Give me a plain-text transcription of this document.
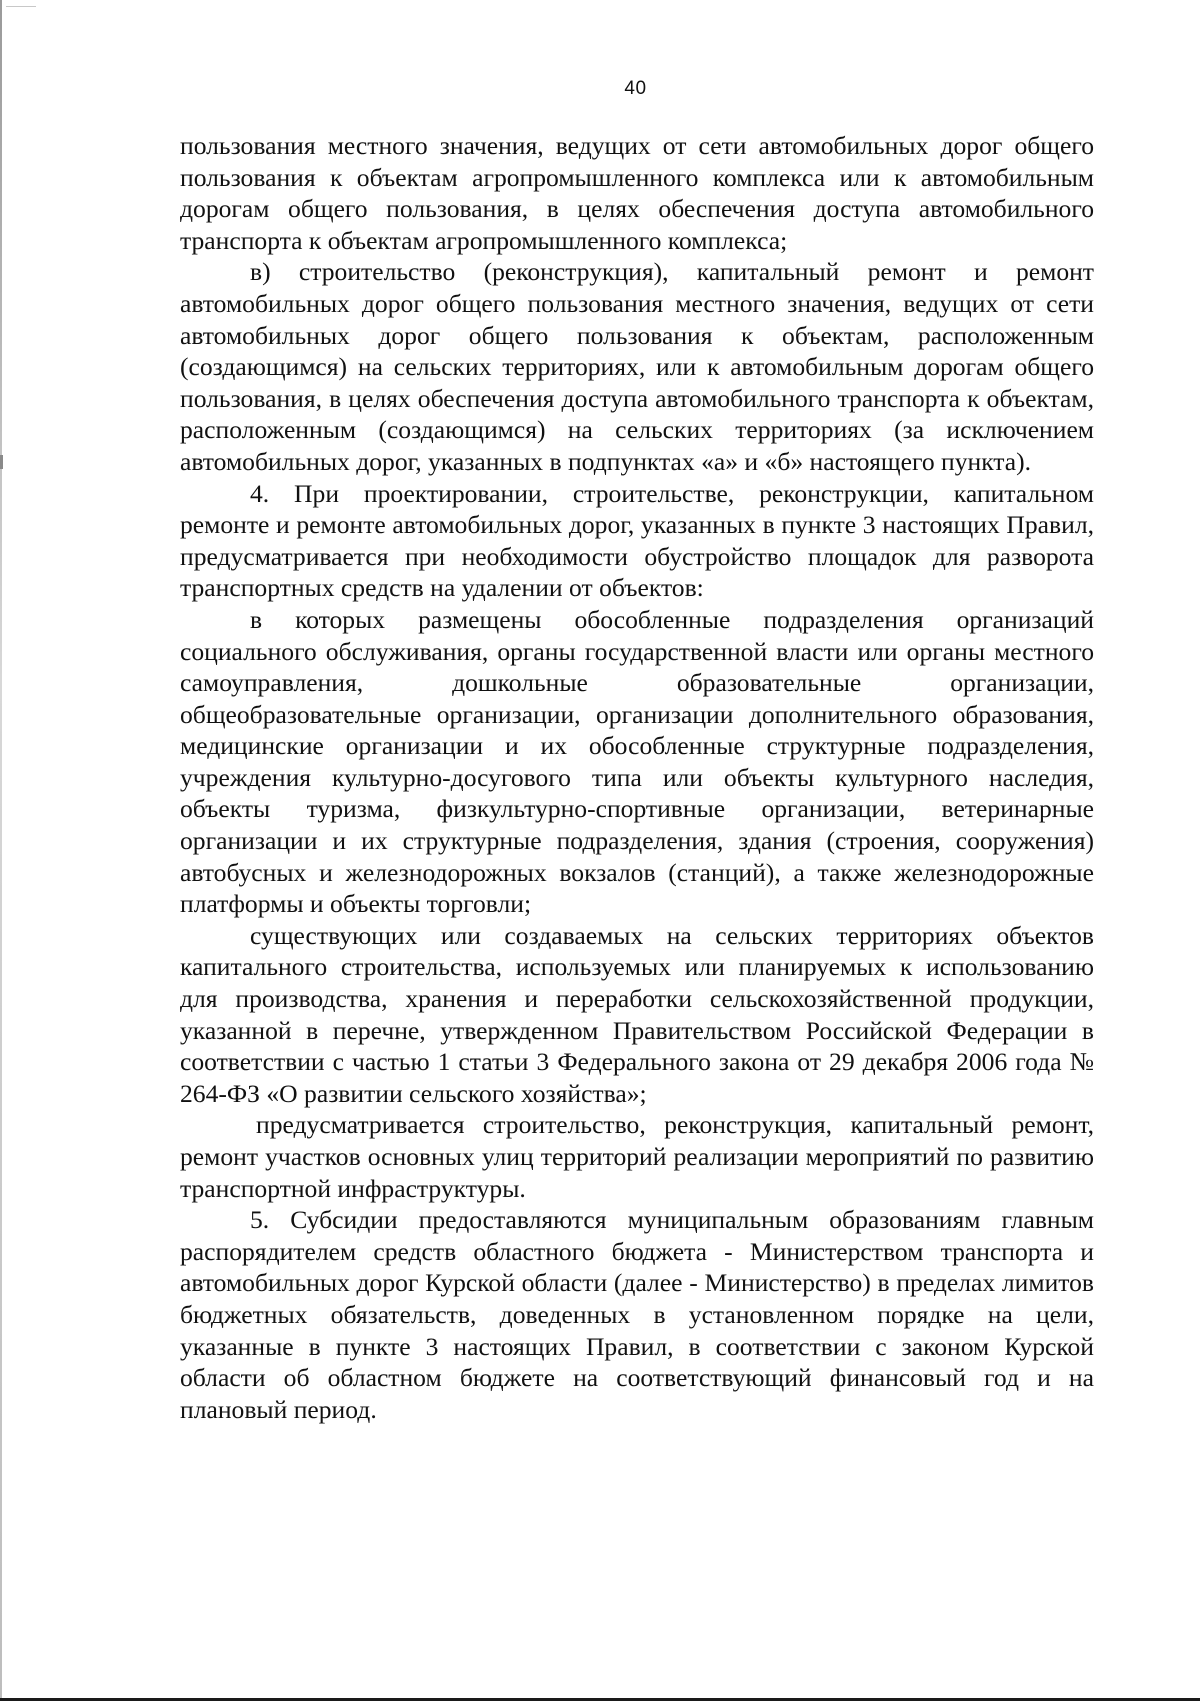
40

пользования местного значения, ведущих от сети автомобильных дорог общего пользования к объектам агропромышленного комплекса или к автомобильным дорогам общего пользования, в целях обеспечения доступа автомобильного транспорта к объектам агропромышленного комплекса;

в) строительство (реконструкция), капитальный ремонт и ремонт автомобильных дорог общего пользования местного значения, ведущих от сети автомобильных дорог общего пользования к объектам, расположенным (создающимся) на сельских территориях, или к автомобильным дорогам общего пользования, в целях обеспечения доступа автомобильного транспорта к объектам, расположенным (создающимся) на сельских территориях (за исключением автомобильных дорог, указанных в подпунктах «а» и «б» настоящего пункта).

4. При проектировании, строительстве, реконструкции, капитальном ремонте и ремонте автомобильных дорог, указанных в пункте 3 настоящих Правил, предусматривается при необходимости обустройство площадок для разворота транспортных средств на удалении от объектов:

в которых размещены обособленные подразделения организаций социального обслуживания, органы государственной власти или органы местного самоуправления, дошкольные образовательные организации, общеобразовательные организации, организации дополнительного образования, медицинские организации и их обособленные структурные подразделения, учреждения культурно-досугового типа или объекты культурного наследия, объекты туризма, физкультурно-спортивные организации, ветеринарные организации и их структурные подразделения, здания (строения, сооружения) автобусных и железнодорожных вокзалов (станций), а также железнодорожные платформы и объекты торговли;

существующих или создаваемых на сельских территориях объектов капитального строительства, используемых или планируемых к использованию для производства, хранения и переработки сельскохозяйственной продукции, указанной в перечне, утвержденном Правительством Российской Федерации в соответствии с частью 1 статьи 3 Федерального закона от 29 декабря 2006 года № 264-ФЗ «О развитии сельского хозяйства»;

предусматривается строительство, реконструкция, капитальный ремонт, ремонт участков основных улиц территорий реализации мероприятий по развитию транспортной инфраструктуры.

5. Субсидии предоставляются муниципальным образованиям главным распорядителем средств областного бюджета - Министерством транспорта и автомобильных дорог Курской области (далее - Министерство) в пределах лимитов бюджетных обязательств, доведенных в установленном порядке на цели, указанные в пункте 3 настоящих Правил, в соответствии с законом Курской области об областном бюджете на соответствующий финансовый год и на плановый период.
